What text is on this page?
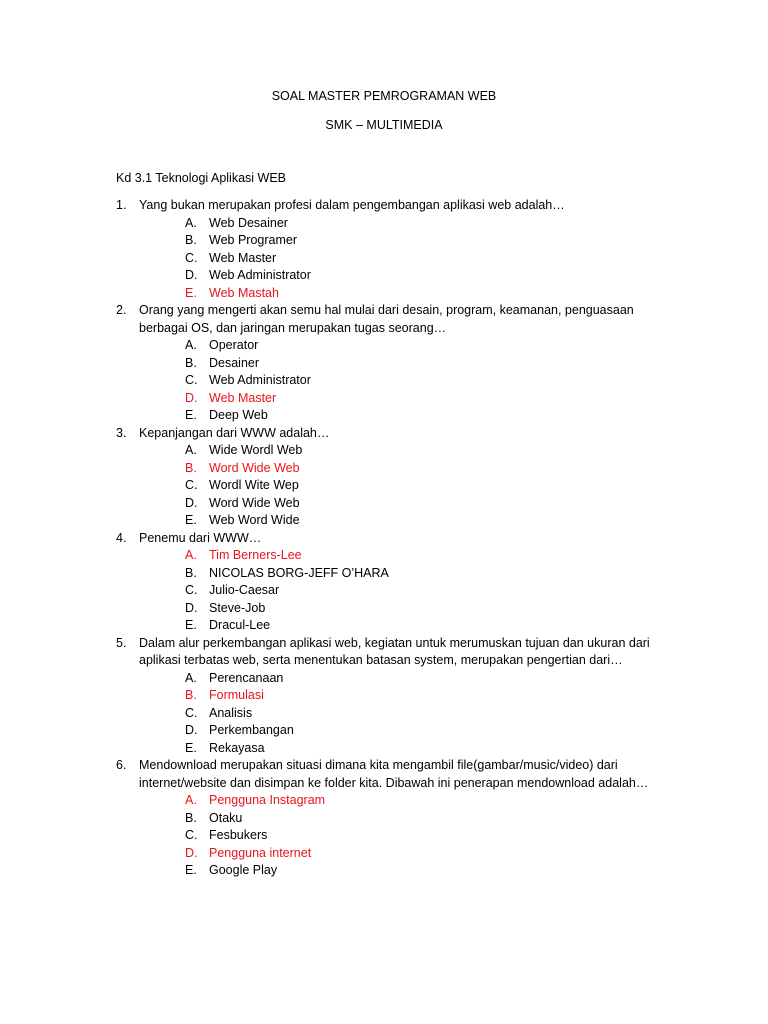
SOAL MASTER PEMROGRAMAN WEB
SMK – MULTIMEDIA
Kd 3.1 Teknologi Aplikasi WEB
1.	Yang bukan merupakan profesi dalam pengembangan aplikasi web adalah…
A. Web Desainer
B. Web Programer
C. Web Master
D. Web Administrator
E. Web Mastah
2.	Orang yang mengerti akan semu hal mulai dari desain, program, keamanan, penguasaan
berbagai OS, dan jaringan merupakan tugas seorang…
A. Operator
B. Desainer
C. Web Administrator
D. Web Master
E. Deep Web
3.	Kepanjangan dari WWW adalah…
A. Wide Wordl Web
B. Word Wide Web
C. Wordl Wite Wep
D. Word Wide Web
E. Web Word Wide
4.	Penemu dari WWW…
A. Tim Berners-Lee
B. NICOLAS BORG-JEFF O’HARA
C. Julio-Caesar
D. Steve-Job
E. Dracul-Lee
5.	Dalam alur perkembangan aplikasi web, kegiatan untuk merumuskan tujuan dan ukuran dari
aplikasi terbatas web, serta menentukan batasan system, merupakan pengertian dari…
A. Perencanaan
B. Formulasi
C. Analisis
D. Perkembangan
E. Rekayasa
6.	Mendownload merupakan situasi dimana kita mengambil file(gambar/music/video) dari
internet/website dan disimpan ke folder kita. Dibawah ini penerapan mendownload adalah…
A. Pengguna Instagram
B. Otaku
C. Fesbukers
D. Pengguna internet
E. Google Play
